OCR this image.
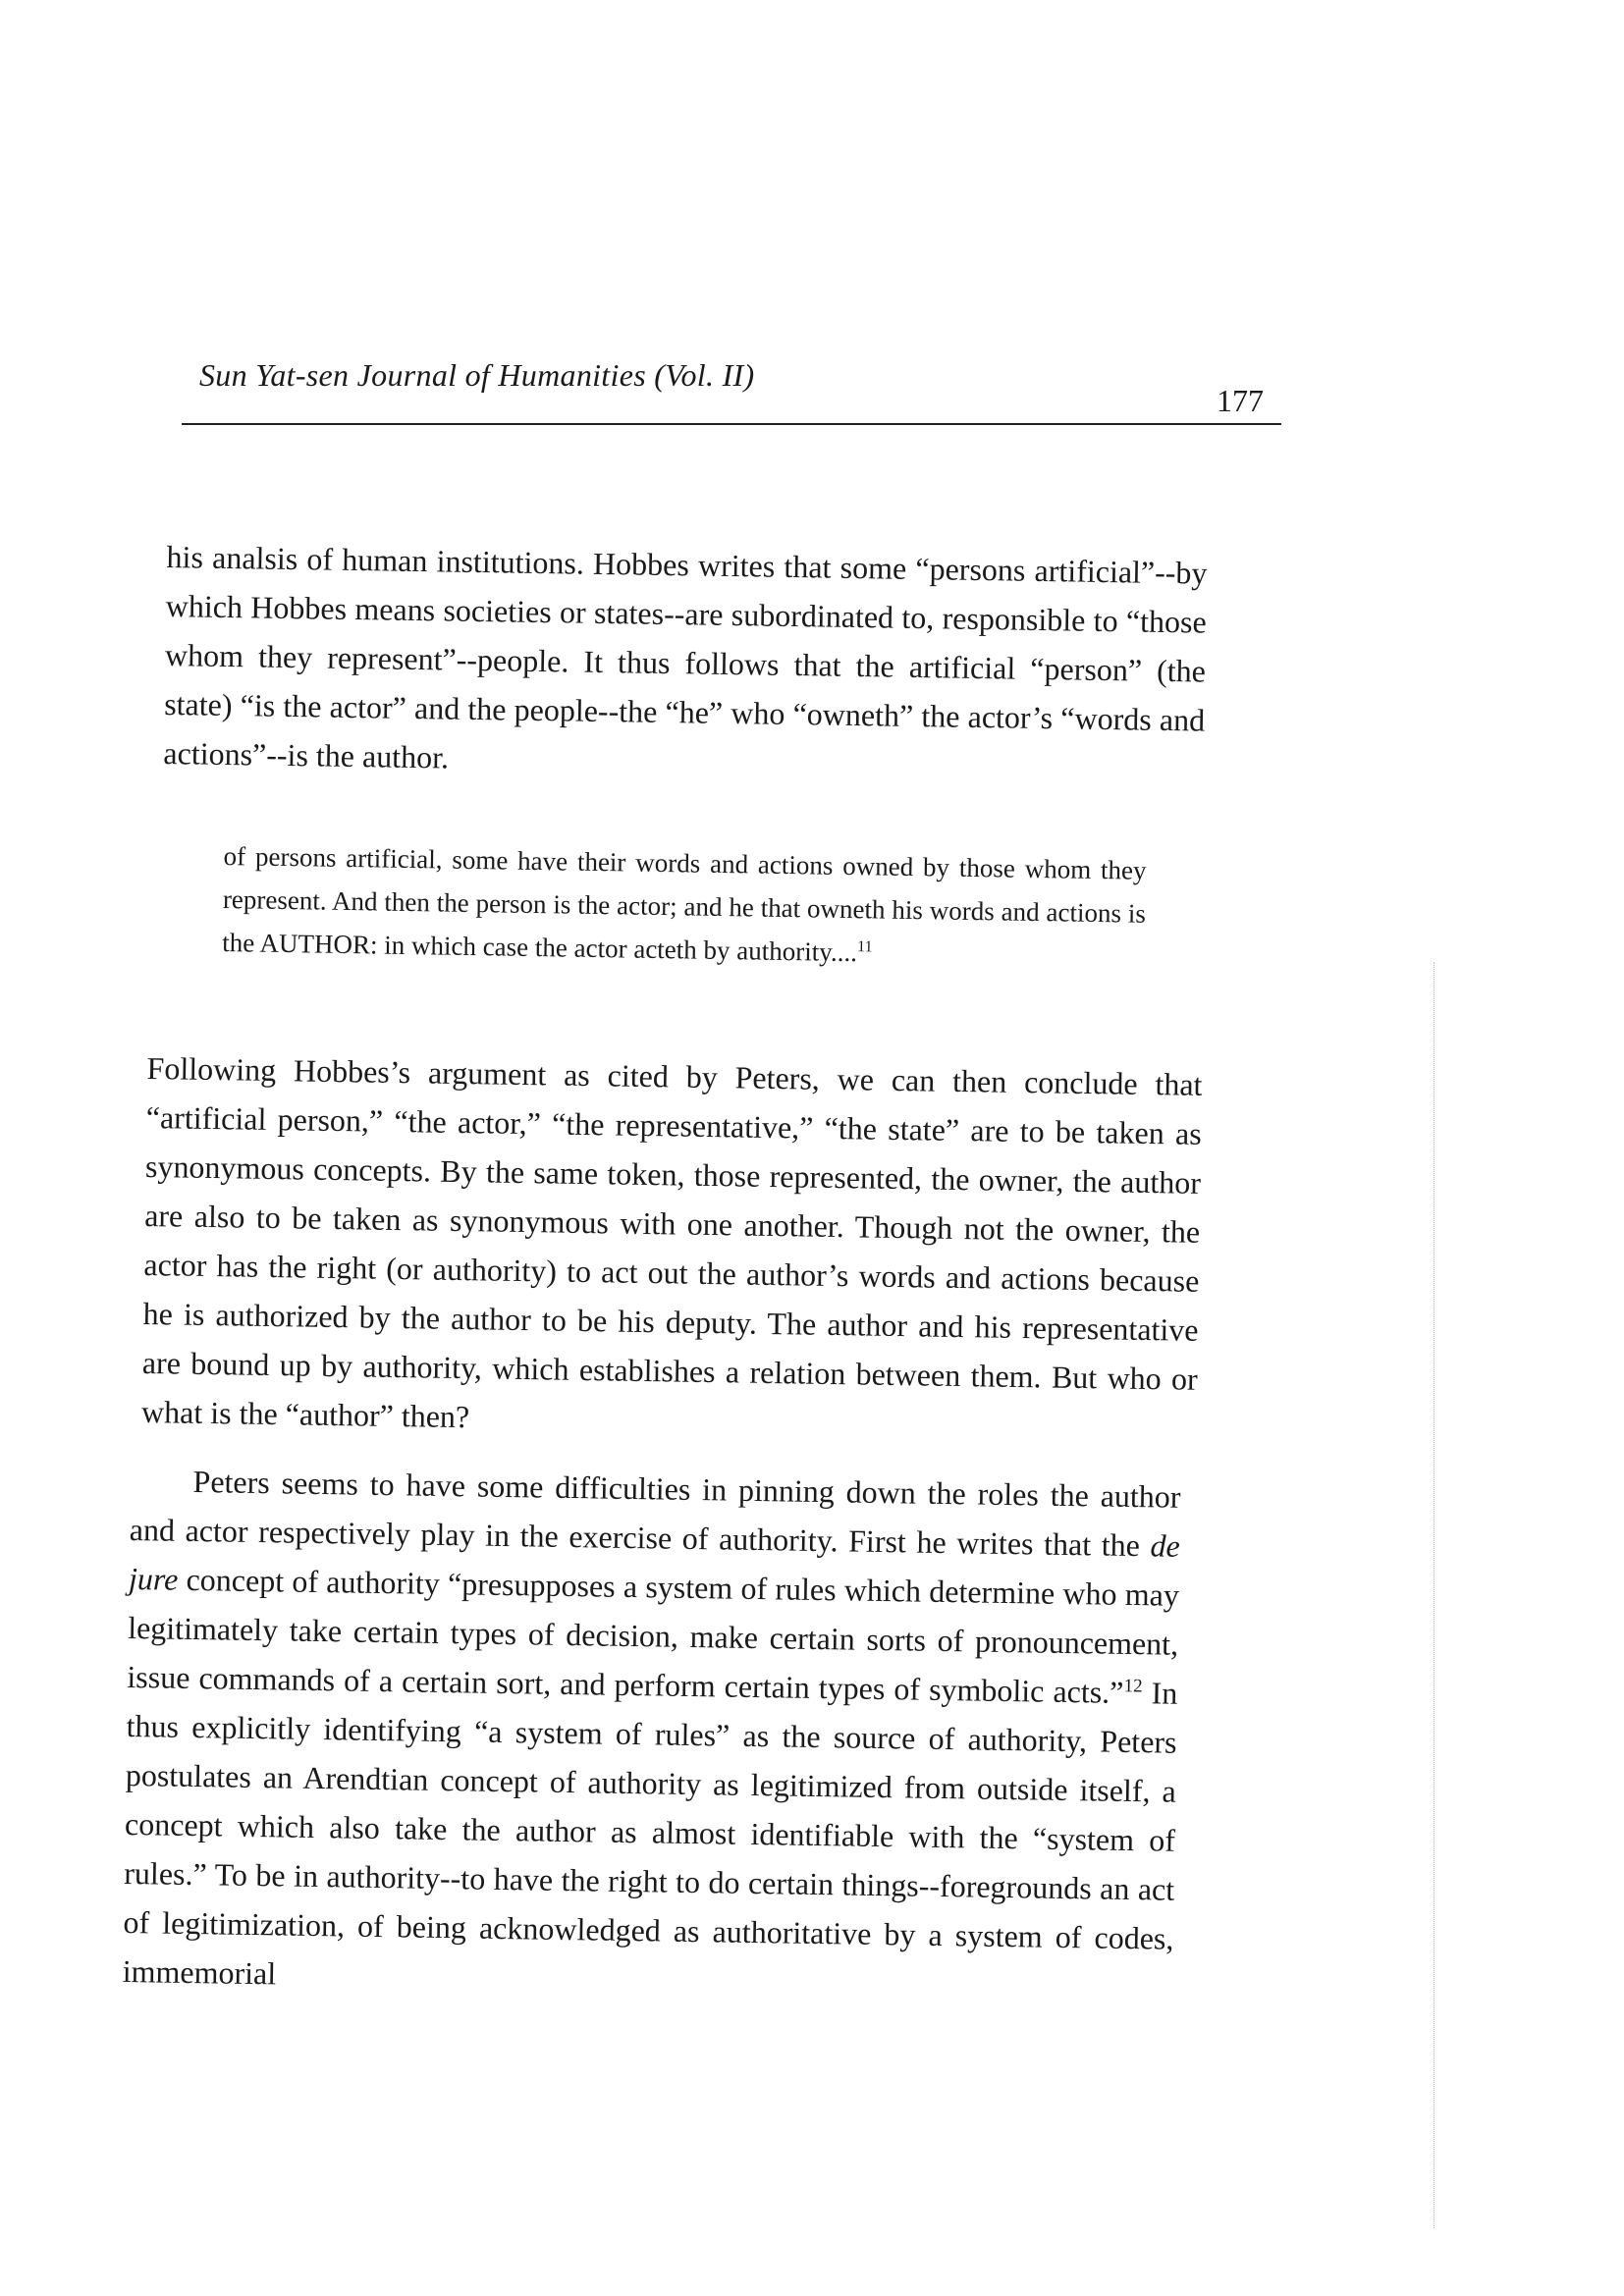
Sun Yat-sen Journal of Humanities (Vol. II)
177

his analsis of human institutions. Hobbes writes that some “persons artificial”--by which Hobbes means societies or states--are subordinated to, responsible to “those whom they represent”--people. It thus follows that the artificial “person” (the state) “is the actor” and the people--the “he” who “owneth” the actor’s “words and actions”--is the author.

of persons artificial, some have their words and actions owned by those whom they represent. And then the person is the actor; and he that owneth his words and actions is the AUTHOR: in which case the actor acteth by authority....$^{11}$

Following Hobbes’s argument as cited by Peters, we can then conclude that “artificial person,” “the actor,” “the representative,” “the state” are to be taken as synonymous concepts. By the same token, those represented, the owner, the author are also to be taken as synonymous with one another. Though not the owner, the actor has the right (or authority) to act out the author’s words and actions because he is authorized by the author to be his deputy. The author and his representative are bound up by authority, which establishes a relation between them. But who or what is the “author” then?

Peters seems to have some difficulties in pinning down the roles the author and actor respectively play in the exercise of authority. First he writes that the de jure concept of authority “presupposes a system of rules which determine who may legitimately take certain types of decision, make certain sorts of pronouncement, issue commands of a certain sort, and perform certain types of symbolic acts.”$^{12}$ In thus explicitly identifying “a system of rules” as the source of authority, Peters postulates an Arendtian concept of authority as legitimized from outside itself, a concept which also take the author as almost identifiable with the “system of rules.” To be in authority--to have the right to do certain things--foregrounds an act of legitimization, of being acknowledged as authoritative by a system of codes, immemorial
